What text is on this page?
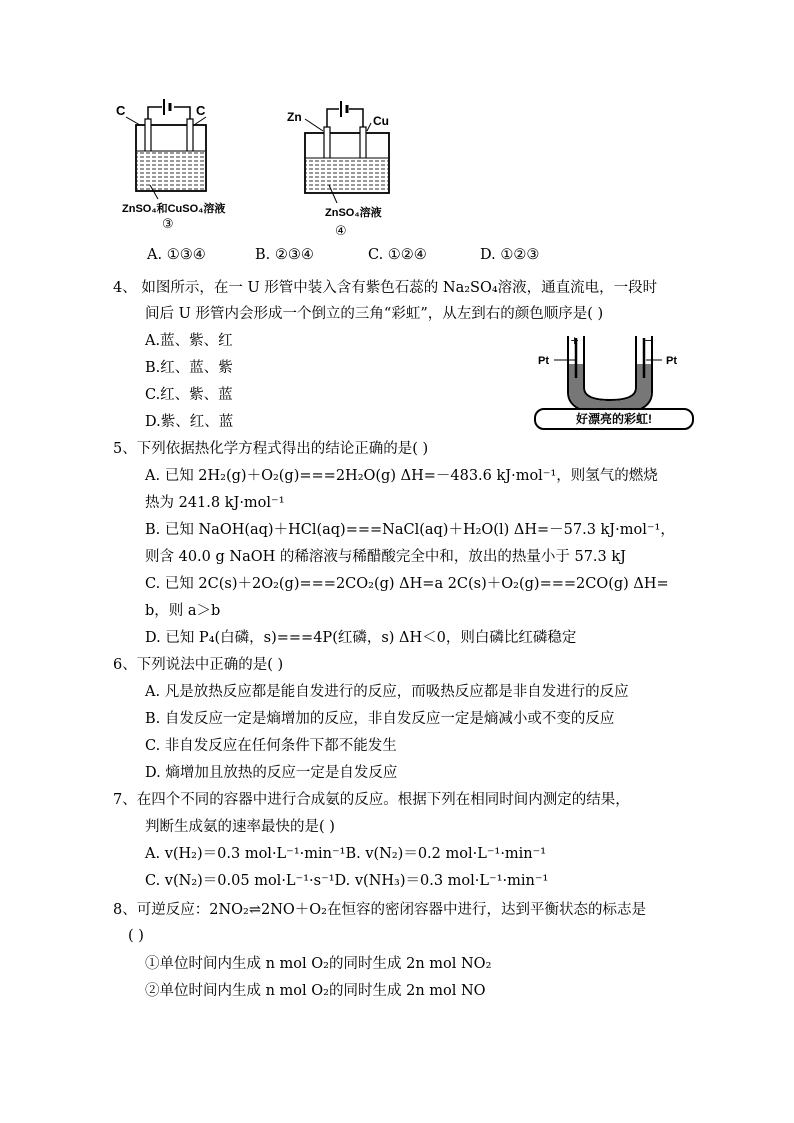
C	C
ZnSO₄和CuSO₄溶液
③
Zn	Cu
ZnSO₄溶液
④
A. ①③④	B. ②③④	C. ①②④	D. ①②③
4、 如图所示，在一 U 形管中装入含有紫色石蕊的 Na₂SO₄溶液，通直流电，一段时
间后 U 形管内会形成一个倒立的三角“彩虹”，从左到右的颜色顺序是( )
A.蓝、紫、红
B.红、蓝、紫
C.红、紫、蓝
D.紫、红、蓝
Pt	Pt
+	−
好漂亮的彩虹!
5、下列依据热化学方程式得出的结论正确的是( )
A. 已知 2H₂(g)＋O₂(g)===2H₂O(g) ΔH=－483.6 kJ·mol⁻¹，则氢气的燃烧
热为 241.8 kJ·mol⁻¹
B. 已知 NaOH(aq)＋HCl(aq)===NaCl(aq)＋H₂O(l) ΔH=－57.3 kJ·mol⁻¹，
则含 40.0 g NaOH 的稀溶液与稀醋酸完全中和，放出的热量小于 57.3 kJ
C. 已知 2C(s)＋2O₂(g)===2CO₂(g) ΔH=a 2C(s)＋O₂(g)===2CO(g) ΔH=
b，则 a＞b
D. 已知 P₄(白磷，s)===4P(红磷，s) ΔH＜0，则白磷比红磷稳定
6、下列说法中正确的是( )
A. 凡是放热反应都是能自发进行的反应，而吸热反应都是非自发进行的反应
B. 自发反应一定是熵增加的反应，非自发反应一定是熵减小或不变的反应
C. 非自发反应在任何条件下都不能发生
D. 熵增加且放热的反应一定是自发反应
7、在四个不同的容器中进行合成氨的反应。根据下列在相同时间内测定的结果，
判断生成氨的速率最快的是( )
A. v(H₂)＝0.3 mol·L⁻¹·min⁻¹B. v(N₂)＝0.2 mol·L⁻¹·min⁻¹
C. v(N₂)＝0.05 mol·L⁻¹·s⁻¹D. v(NH₃)＝0.3 mol·L⁻¹·min⁻¹
8、可逆反应：2NO₂⇌2NO＋O₂在恒容的密闭容器中进行，达到平衡状态的标志是
( )
①单位时间内生成 n mol O₂的同时生成 2n mol NO₂
②单位时间内生成 n mol O₂的同时生成 2n mol NO
